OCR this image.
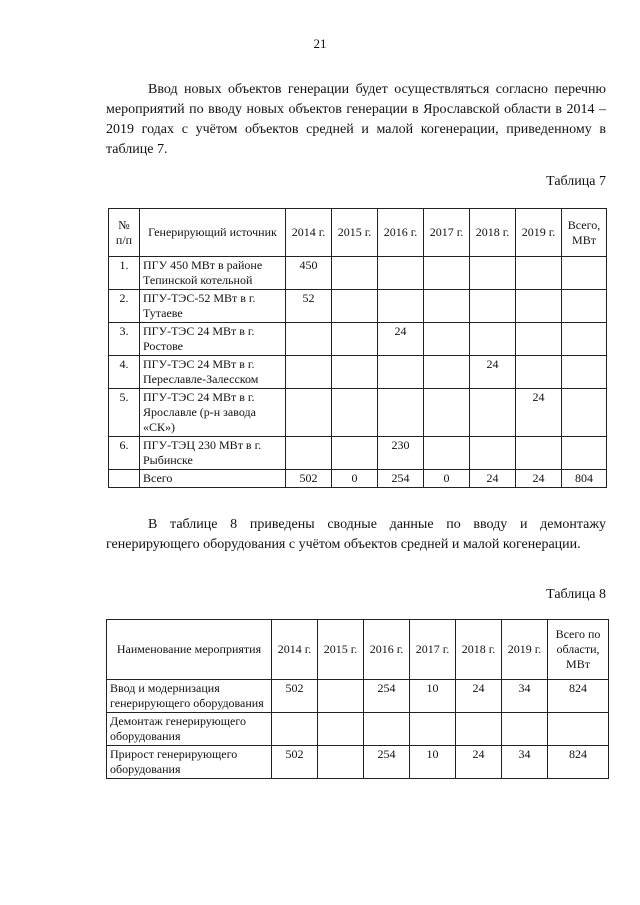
21

Ввод новых объектов генерации будет осуществляться согласно перечню мероприятий по вводу новых объектов генерации в Ярославской области в 2014 – 2019 годах с учётом объектов средней и малой когенерации, приведенному в таблице 7.

Таблица 7
№ п/п	Генерирующий источник	2014 г.	2015 г.	2016 г.	2017 г.	2018 г.	2019 г.	Всего, МВт
1.	ПГУ 450 МВт в районе Тепинской котельной	450						
2.	ПГУ-ТЭС-52 МВт в г. Тутаеве	52						
3.	ПГУ-ТЭС 24 МВт в г. Ростове			24				
4.	ПГУ-ТЭС 24 МВт в г. Переславле-Залесском					24		
5.	ПГУ-ТЭС 24 МВт в г. Ярославле (р-н завода «СК»)						24	
6.	ПГУ-ТЭЦ 230 МВт в г. Рыбинске			230				
	Всего	502	0	254	0	24	24	804

В таблице 8 приведены сводные данные по вводу и демонтажу генерирующего оборудования с учётом объектов средней и малой когенерации.

Таблица 8
Наименование мероприятия	2014 г.	2015 г.	2016 г.	2017 г.	2018 г.	2019 г.	Всего по области, МВт
Ввод и модернизация генерирующего оборудования	502		254	10	24	34	824
Демонтаж генерирующего оборудования							
Прирост генерирующего оборудования	502		254	10	24	34	824
